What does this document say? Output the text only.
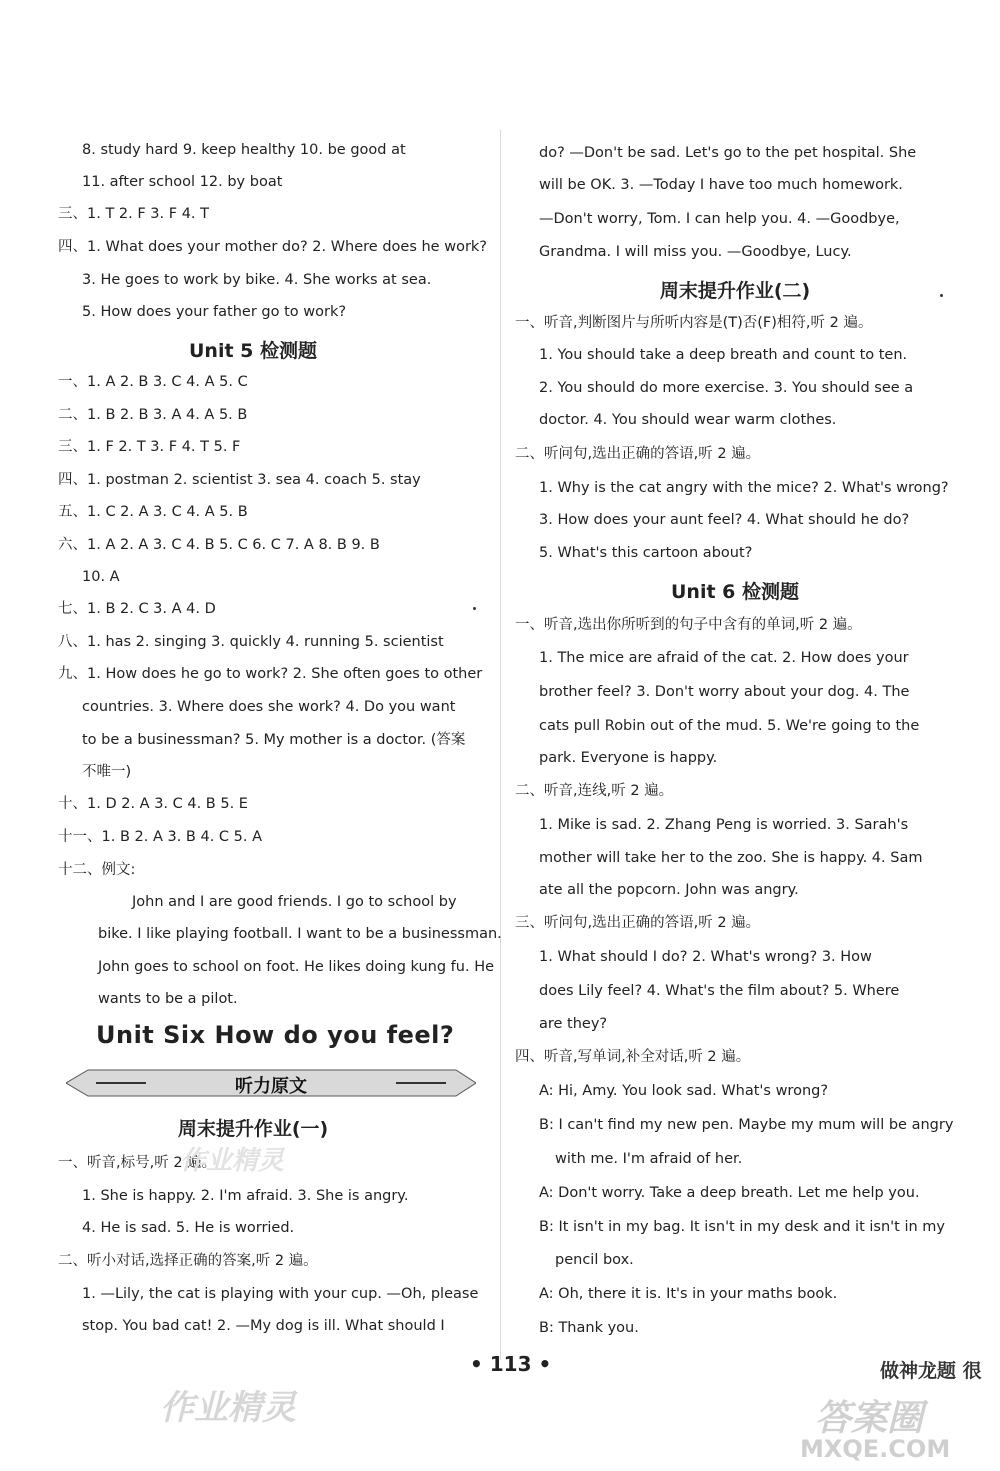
8. study hard 9. keep healthy 10. be good at
11. after school 12. by boat
三、1. T 2. F 3. F 4. T
四、1. What does your mother do? 2. Where does he work?
3. He goes to work by bike. 4. She works at sea.
5. How does your father go to work?
Unit 5 检测题
一、1. A 2. B 3. C 4. A 5. C
二、1. B 2. B 3. A 4. A 5. B
三、1. F 2. T 3. F 4. T 5. F
四、1. postman 2. scientist 3. sea 4. coach 5. stay
五、1. C 2. A 3. C 4. A 5. B
六、1. A 2. A 3. C 4. B 5. C 6. C 7. A 8. B 9. B
10. A
七、1. B 2. C 3. A 4. D
八、1. has 2. singing 3. quickly 4. running 5. scientist
九、1. How does he go to work? 2. She often goes to other
countries. 3. Where does she work? 4. Do you want
to be a businessman? 5. My mother is a doctor. (答案
不唯一)
十、1. D 2. A 3. C 4. B 5. E
十一、1. B 2. A 3. B 4. C 5. A
十二、例文:
John and I are good friends. I go to school by
bike. I like playing football. I want to be a businessman.
John goes to school on foot. He likes doing kung fu. He
wants to be a pilot.
Unit Six How do you feel?
听力原文
周末提升作业(一)
一、听音,标号,听 2 遍。
1. She is happy. 2. I'm afraid. 3. She is angry.
4. He is sad. 5. He is worried.
二、听小对话,选择正确的答案,听 2 遍。
1. —Lily, the cat is playing with your cup. —Oh, please
stop. You bad cat! 2. —My dog is ill. What should I
do? —Don't be sad. Let's go to the pet hospital. She
will be OK. 3. —Today I have too much homework.
—Don't worry, Tom. I can help you. 4. —Goodbye,
Grandma. I will miss you. —Goodbye, Lucy.
周末提升作业(二)
一、听音,判断图片与所听内容是(T)否(F)相符,听 2 遍。
1. You should take a deep breath and count to ten.
2. You should do more exercise. 3. You should see a
doctor. 4. You should wear warm clothes.
二、听问句,选出正确的答语,听 2 遍。
1. Why is the cat angry with the mice? 2. What's wrong?
3. How does your aunt feel? 4. What should he do?
5. What's this cartoon about?
Unit 6 检测题
一、听音,选出你所听到的句子中含有的单词,听 2 遍。
1. The mice are afraid of the cat. 2. How does your
brother feel? 3. Don't worry about your dog. 4. The
cats pull Robin out of the mud. 5. We're going to the
park. Everyone is happy.
二、听音,连线,听 2 遍。
1. Mike is sad. 2. Zhang Peng is worried. 3. Sarah's
mother will take her to the zoo. She is happy. 4. Sam
ate all the popcorn. John was angry.
三、听问句,选出正确的答语,听 2 遍。
1. What should I do? 2. What's wrong? 3. How
does Lily feel? 4. What's the film about? 5. Where
are they?
四、听音,写单词,补全对话,听 2 遍。
A: Hi, Amy. You look sad. What's wrong?
B: I can't find my new pen. Maybe my mum will be angry
with me. I'm afraid of her.
A: Don't worry. Take a deep breath. Let me help you.
B: It isn't in my bag. It isn't in my desk and it isn't in my
pencil box.
A: Oh, there it is. It's in your maths book.
B: Thank you.
• 113 •	做神龙题 很
作业精灵
作业精灵	答案圈
MXQE.COM
